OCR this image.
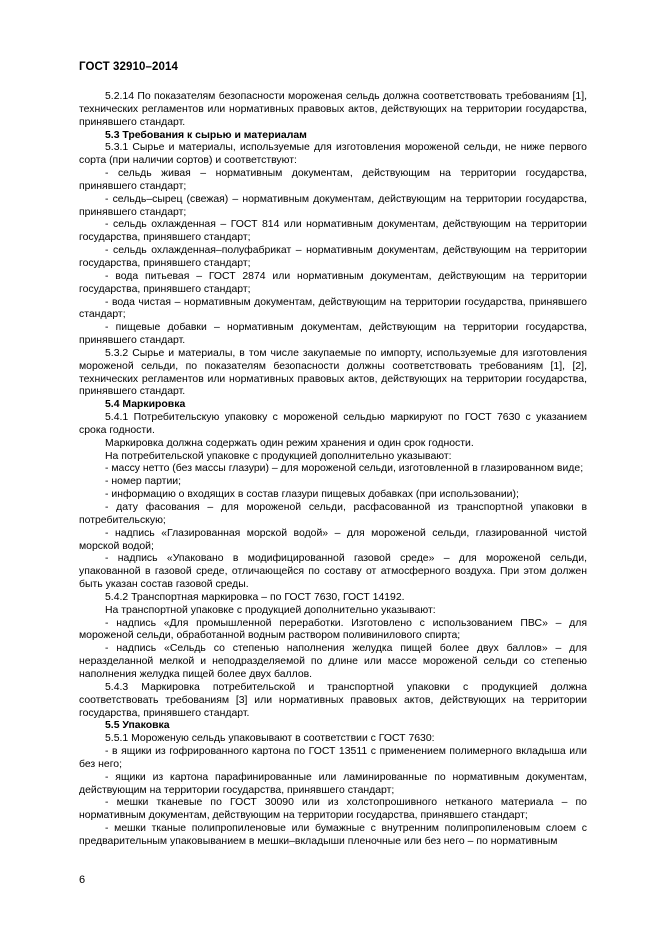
ГОСТ 32910–2014
5.2.14 По показателям безопасности мороженая сельдь должна соответствовать требованиям [1], технических регламентов или нормативных правовых актов, действующих на территории государства, принявшего стандарт.
5.3 Требования к сырью и материалам
5.3.1 Сырье и материалы, используемые для изготовления мороженой сельди, не ниже первого сорта (при наличии сортов) и соответствуют:
- сельдь живая – нормативным документам, действующим на территории государства, принявшего стандарт;
- сельдь–сырец (свежая) – нормативным документам, действующим на территории государства, принявшего стандарт;
- сельдь охлажденная – ГОСТ 814 или нормативным документам, действующим на территории государства, принявшего стандарт;
- сельдь охлажденная–полуфабрикат – нормативным документам, действующим на территории государства, принявшего стандарт;
- вода питьевая – ГОСТ 2874 или нормативным документам, действующим на территории государства, принявшего стандарт;
- вода чистая – нормативным документам, действующим на территории государства, принявшего стандарт;
- пищевые добавки – нормативным документам, действующим на территории государства, принявшего стандарт.
5.3.2 Сырье и материалы, в том числе закупаемые по импорту, используемые для изготовления мороженой сельди, по показателям безопасности должны соответствовать требованиям [1], [2], технических регламентов или нормативных правовых актов, действующих на территории государства, принявшего стандарт.
5.4 Маркировка
5.4.1 Потребительскую упаковку с мороженой сельдью маркируют по ГОСТ 7630 с указанием срока годности.
Маркировка должна содержать один режим хранения и один срок годности.
На потребительской упаковке с продукцией дополнительно указывают:
- массу нетто (без массы глазури) – для мороженой сельди, изготовленной в глазированном виде;
- номер партии;
- информацию о входящих в состав глазури пищевых добавках (при использовании);
- дату фасования – для мороженой сельди, расфасованной из транспортной упаковки в потребительскую;
- надпись «Глазированная морской водой» – для мороженой сельди, глазированной чистой морской водой;
- надпись «Упаковано в модифицированной газовой среде» – для мороженой сельди, упакованной в газовой среде, отличающейся по составу от атмосферного воздуха. При этом должен быть указан состав газовой среды.
5.4.2 Транспортная маркировка – по ГОСТ 7630, ГОСТ 14192.
На транспортной упаковке с продукцией дополнительно указывают:
- надпись «Для промышленной переработки. Изготовлено с использованием ПВС» – для мороженой сельди, обработанной водным раствором поливинилового спирта;
- надпись «Сельдь со степенью наполнения желудка пищей более двух баллов» – для неразделанной мелкой и неподразделяемой по длине или массе мороженой сельди со степенью наполнения желудка пищей более двух баллов.
5.4.3 Маркировка потребительской и транспортной упаковки с продукцией должна соответствовать требованиям [3] или нормативных правовых актов, действующих на территории государства, принявшего стандарт.
5.5 Упаковка
5.5.1 Мороженую сельдь упаковывают в соответствии с ГОСТ 7630:
- в ящики из гофрированного картона по ГОСТ 13511 с применением полимерного вкладыша или без него;
- ящики из картона парафинированные или ламинированные по нормативным документам, действующим на территории государства, принявшего стандарт;
- мешки тканевые по ГОСТ 30090 или из холстопрошивного нетканого материала – по нормативным документам, действующим на территории государства, принявшего стандарт;
- мешки тканые полипропиленовые или бумажные с внутренним полипропиленовым слоем с предварительным упаковыванием в мешки–вкладыши пленочные или без него – по нормативным
6
